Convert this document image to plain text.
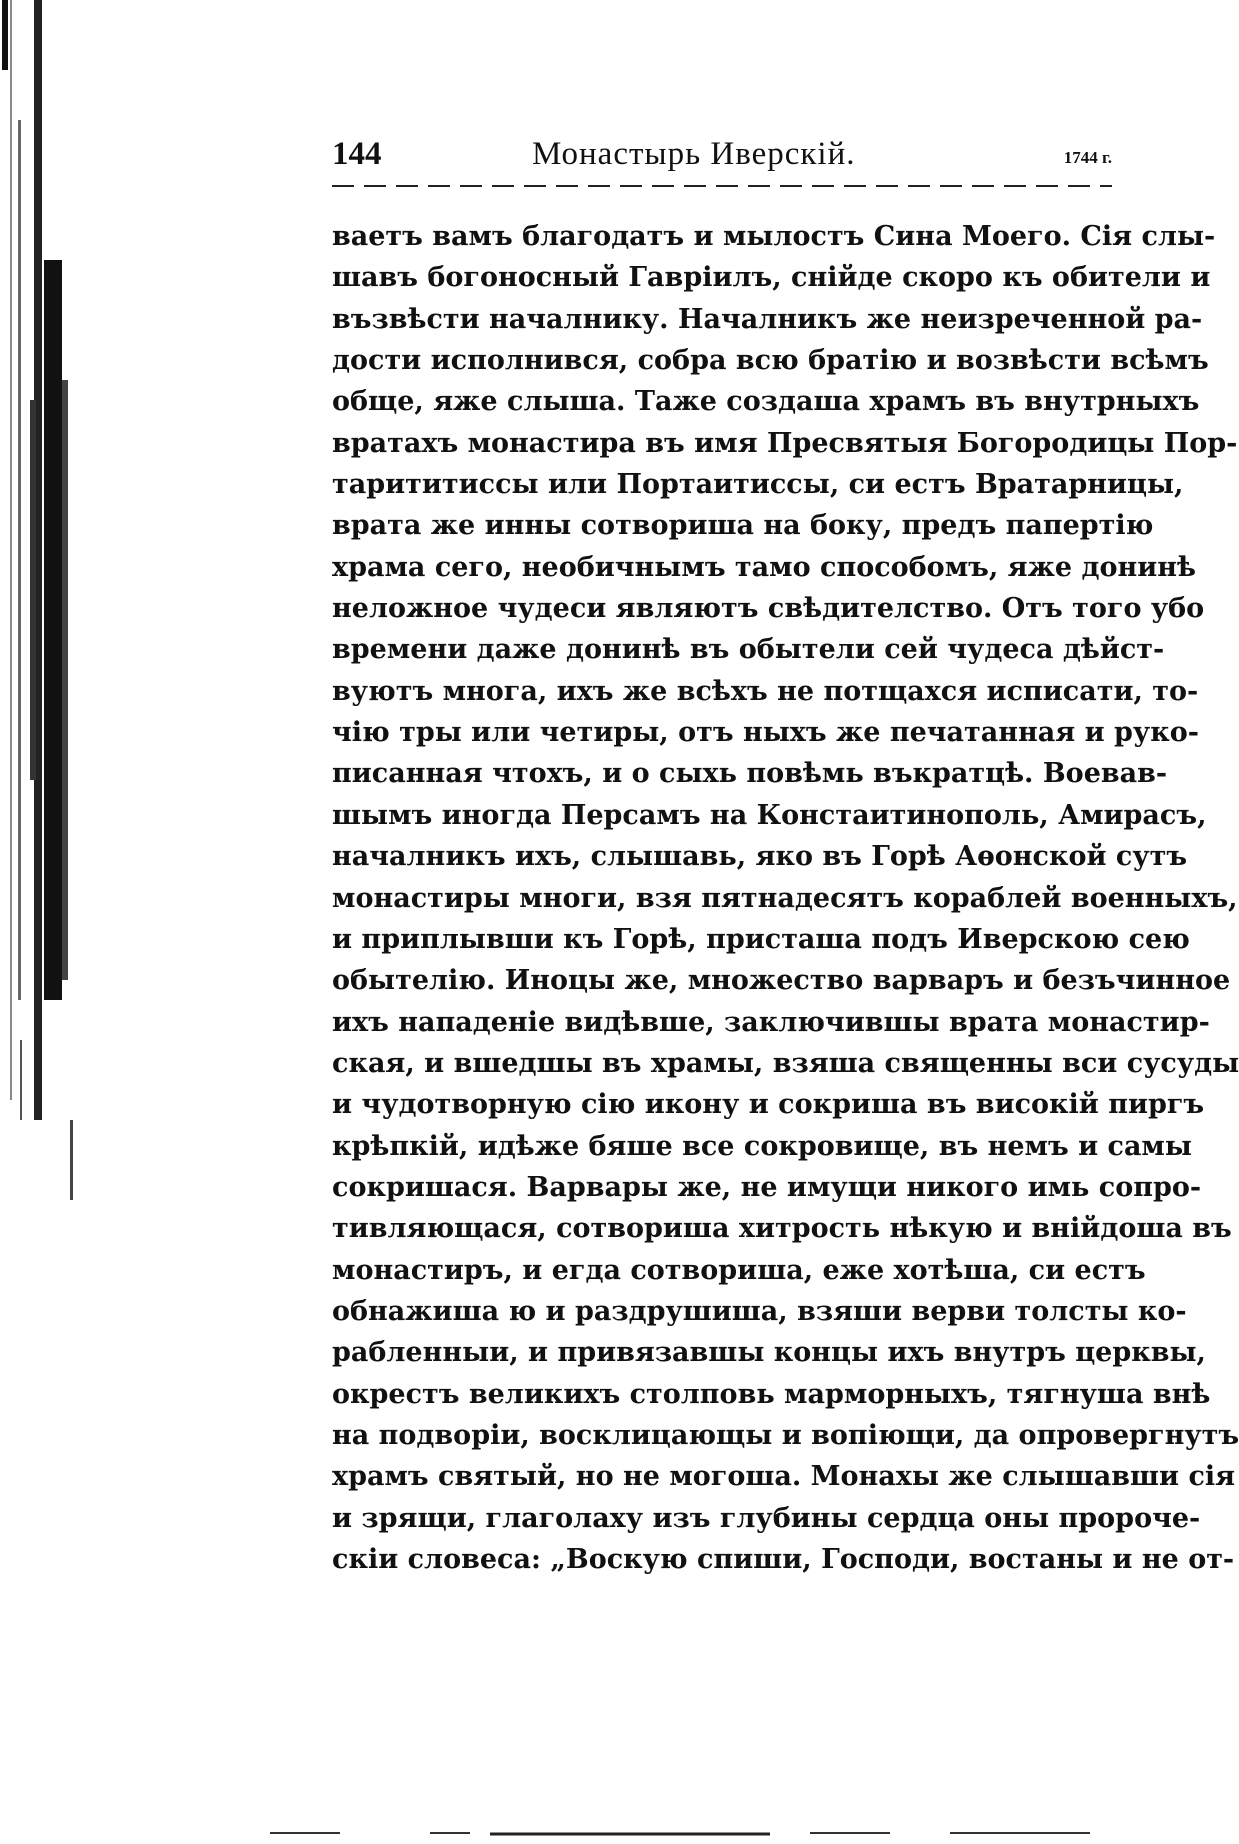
144	Монастырь Иверскій.	1744 г.
ваетъ вамъ благодатъ и мылостъ Сина Моего. Сія слы-
шавъ богоносный Гавріилъ, снійде скоро къ обители и
възвѣсти началнику. Началникъ же неизреченной ра-
дости исполнився, собра всю братію и возвѣсти всѣмъ
обще, яже слыша. Таже создаша храмъ въ внутрныхъ
вратахъ монастира въ имя Пресвятыя Богородицы Пор-
тарититиссы или Портаитиссы, си естъ Вратарницы,
врата же инны сотвориша на боку, предъ папертію
храма сего, необичнымъ тамо способомъ, яже донинѣ
неложное чудеси являютъ свѣдителство. Отъ того убо
времени даже донинѣ въ обытели сей чудеса дѣйст-
вуютъ многа, ихъ же всѣхъ не потщахся исписати, то-
чію тры или четиры, отъ ныхъ же печатанная и руко-
писанная чтохъ, и о сыхь повѣмь въкратцѣ. Воевав-
шымъ иногда Персамъ на Констаитинополь, Амирасъ,
началникъ ихъ, слышавь, яко въ Горѣ Аѳонской сутъ
монастиры многи, взя пятнадесятъ кораблей военныхъ,
и приплывши къ Горѣ, присташа подъ Иверскою сею
обытелію. Иноцы же, множество варваръ и безъчинное
ихъ нападеніе видѣвше, заключившы врата монастир-
ская, и вшедшы въ храмы, взяша священны вси сусуды
и чудотворную сію икону и сокриша въ високій пиргъ
крѣпкій, идѣже бяше все сокровище, въ немъ и самы
сокришася. Варвары же, не имущи никого имь сопро-
тивляющася, сотвориша хитрость нѣкую и внійдоша въ
монастиръ, и егда сотвориша, еже хотѣша, си естъ
обнажиша ю и раздрушиша, взяши верви толсты ко-
рабленныи, и привязавшы концы ихъ внутръ церквы,
окрестъ великихъ столповь марморныхъ, тягнуша внѣ
на подворіи, восклицающы и вопіющи, да опровергнутъ
храмъ святый, но не могоша. Монахы же слышавши сія
и зрящи, глаголаху изъ глубины сердца оны пророче-
скіи словеса: „Воскую спиши, Господи, востаны и не от-
